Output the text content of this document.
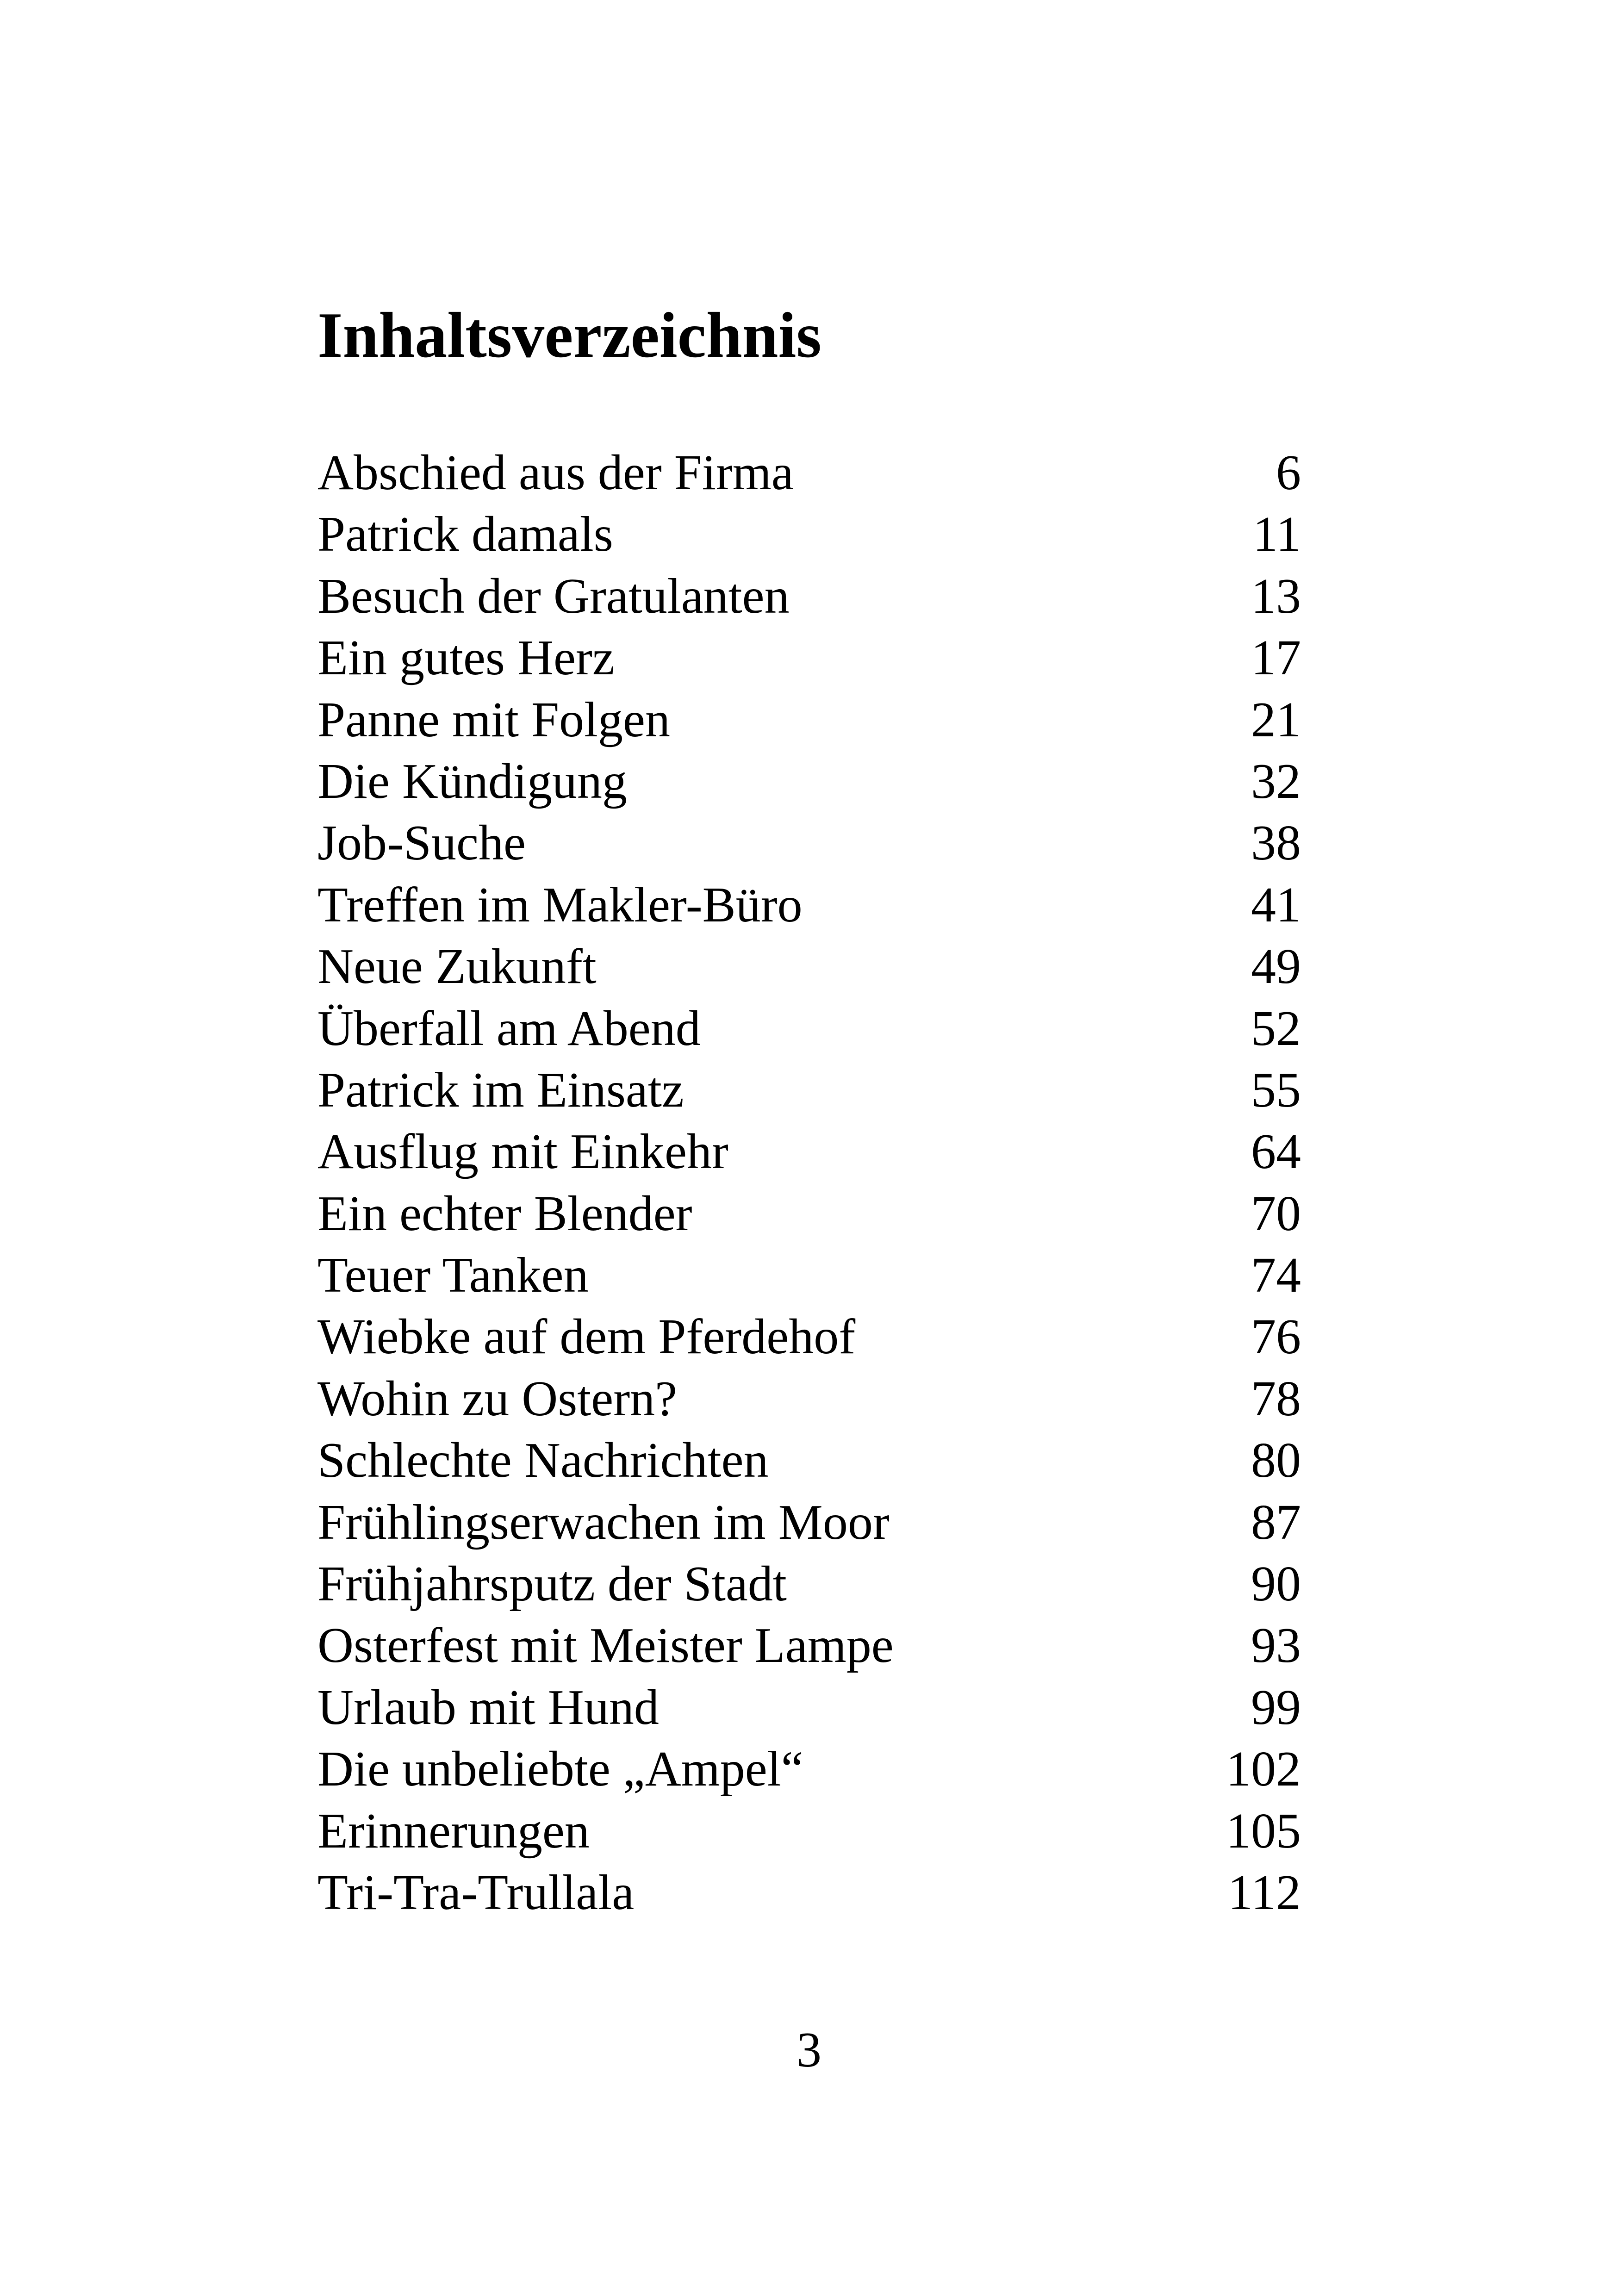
Inhaltsverzeichnis
Abschied aus der Firma	6
Patrick damals	11
Besuch der Gratulanten	13
Ein gutes Herz	17
Panne mit Folgen	21
Die Kündigung	32
Job-Suche	38
Treffen im Makler-Büro	41
Neue Zukunft	49
Überfall am Abend	52
Patrick im Einsatz	55
Ausflug mit Einkehr	64
Ein echter Blender	70
Teuer Tanken	74
Wiebke auf dem Pferdehof	76
Wohin zu Ostern?	78
Schlechte Nachrichten	80
Frühlingserwachen im Moor	87
Frühjahrsputz der Stadt	90
Osterfest mit Meister Lampe	93
Urlaub mit Hund	99
Die unbeliebte „Ampel“	102
Erinnerungen	105
Tri-Tra-Trullala	112
3
